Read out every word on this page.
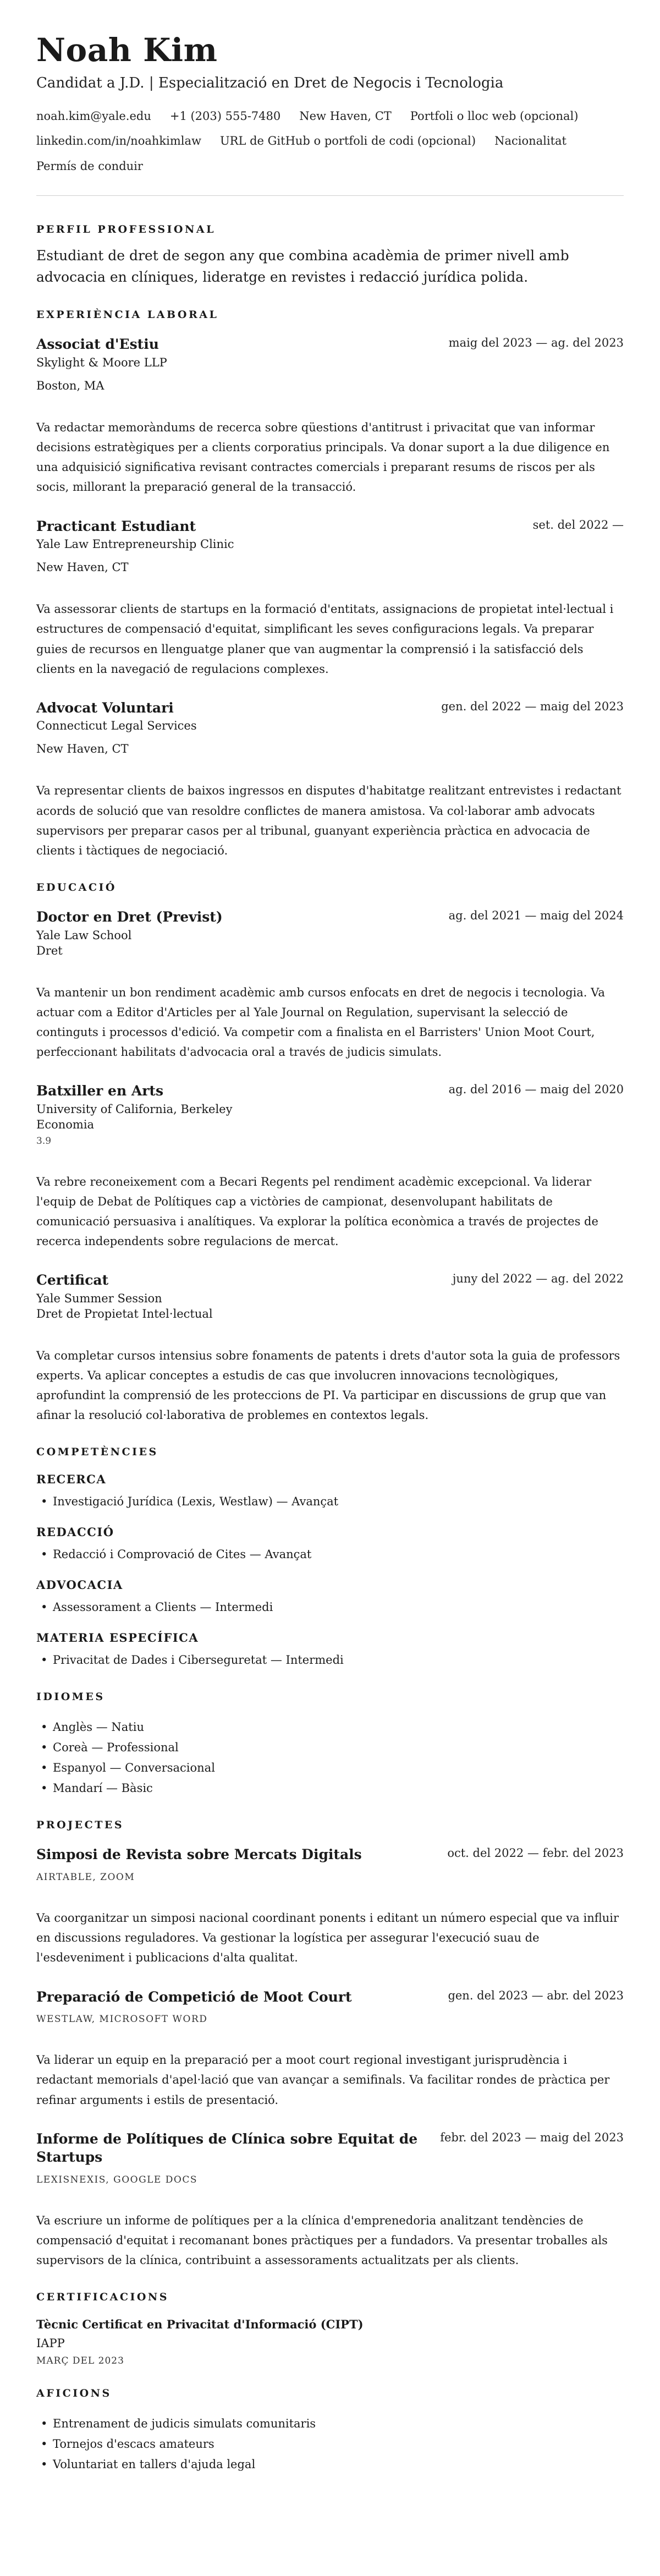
Noah Kim
Candidat a J.D. | Especialització en Dret de Negocis i Tecnologia
noah.kim@yale.edu +1 (203) 555-7480 New Haven, CT Portfoli o lloc web (opcional)
linkedin.com/in/noahkimlaw URL de GitHub o portfoli de codi (opcional) Nacionalitat
Permís de conduir
PERFIL PROFESSIONAL

Estudiant de dret de segon any que combina acadèmia de primer nivell amb advocacia en clíniques, lideratge en revistes i redacció jurídica polida.

EXPERIÈNCIA LABORAL
Associat d'Estiu	maig del 2023 — ag. del 2023
Skylight & Moore LLP
Boston, MA

Va redactar memoràndums de recerca sobre qüestions d'antitrust i privacitat que van informar decisions estratègiques per a clients corporatius principals. Va donar suport a la due diligence en una adquisició significativa revisant contractes comercials i preparant resums de riscos per als socis, millorant la preparació general de la transacció.

Practicant Estudiant	set. del 2022 —
Yale Law Entrepreneurship Clinic
New Haven, CT

Va assessorar clients de startups en la formació d'entitats, assignacions de propietat intel·lectual i estructures de compensació d'equitat, simplificant les seves configuracions legals. Va preparar guies de recursos en llenguatge planer que van augmentar la comprensió i la satisfacció dels clients en la navegació de regulacions complexes.

Advocat Voluntari	gen. del 2022 — maig del 2023
Connecticut Legal Services
New Haven, CT

Va representar clients de baixos ingressos en disputes d'habitatge realitzant entrevistes i redactant acords de solució que van resoldre conflictes de manera amistosa. Va col·laborar amb advocats supervisors per preparar casos per al tribunal, guanyant experiència pràctica en advocacia de clients i tàctiques de negociació.

EDUCACIÓ
Doctor en Dret (Previst)	ag. del 2021 — maig del 2024
Yale Law School
Dret

Va mantenir un bon rendiment acadèmic amb cursos enfocats en dret de negocis i tecnologia. Va actuar com a Editor d'Articles per al Yale Journal on Regulation, supervisant la selecció de continguts i processos d'edició. Va competir com a finalista en el Barristers' Union Moot Court, perfeccionant habilitats d'advocacia oral a través de judicis simulats.

Batxiller en Arts	ag. del 2016 — maig del 2020
University of California, Berkeley
Economia
3.9

Va rebre reconeixement com a Becari Regents pel rendiment acadèmic excepcional. Va liderar l'equip de Debat de Polítiques cap a victòries de campionat, desenvolupant habilitats de comunicació persuasiva i analítiques. Va explorar la política econòmica a través de projectes de recerca independents sobre regulacions de mercat.

Certificat	juny del 2022 — ag. del 2022
Yale Summer Session
Dret de Propietat Intel·lectual

Va completar cursos intensius sobre fonaments de patents i drets d'autor sota la guia de professors experts. Va aplicar conceptes a estudis de cas que involucren innovacions tecnològiques, aprofundint la comprensió de les proteccions de PI. Va participar en discussions de grup que van afinar la resolució col·laborativa de problemes en contextos legals.

COMPETÈNCIES
RECERCA
• Investigació Jurídica (Lexis, Westlaw) — Avançat
REDACCIÓ
• Redacció i Comprovació de Cites — Avançat
ADVOCACIA
• Assessorament a Clients — Intermedi
MATERIA ESPECÍFICA
• Privacitat de Dades i Ciberseguretat — Intermedi
IDIOMES
• Anglès — Natiu
• Coreà — Professional
• Espanyol — Conversacional
• Mandarí — Bàsic
PROJECTES
Simposi de Revista sobre Mercats Digitals	oct. del 2022 — febr. del 2023
AIRTABLE, ZOOM

Va coorganitzar un simposi nacional coordinant ponents i editant un número especial que va influir en discussions reguladores. Va gestionar la logística per assegurar l'execució suau de l'esdeveniment i publicacions d'alta qualitat.

Preparació de Competició de Moot Court	gen. del 2023 — abr. del 2023
WESTLAW, MICROSOFT WORD

Va liderar un equip en la preparació per a moot court regional investigant jurisprudència i redactant memorials d'apel·lació que van avançar a semifinals. Va facilitar rondes de pràctica per refinar arguments i estils de presentació.

Informe de Polítiques de Clínica sobre Equitat de Startups
febr. del 2023 — maig del 2023
LEXISNEXIS, GOOGLE DOCS

Va escriure un informe de polítiques per a la clínica d'emprenedoria analitzant tendències de compensació d'equitat i recomanant bones pràctiques per a fundadors. Va presentar troballes als supervisors de la clínica, contribuint a assessoraments actualitzats per als clients.

CERTIFICACIONS
Tècnic Certificat en Privacitat d'Informació (CIPT)
IAPP
MARÇ DEL 2023
AFICIONS
• Entrenament de judicis simulats comunitaris
• Tornejos d'escacs amateurs
• Voluntariat en tallers d'ajuda legal
